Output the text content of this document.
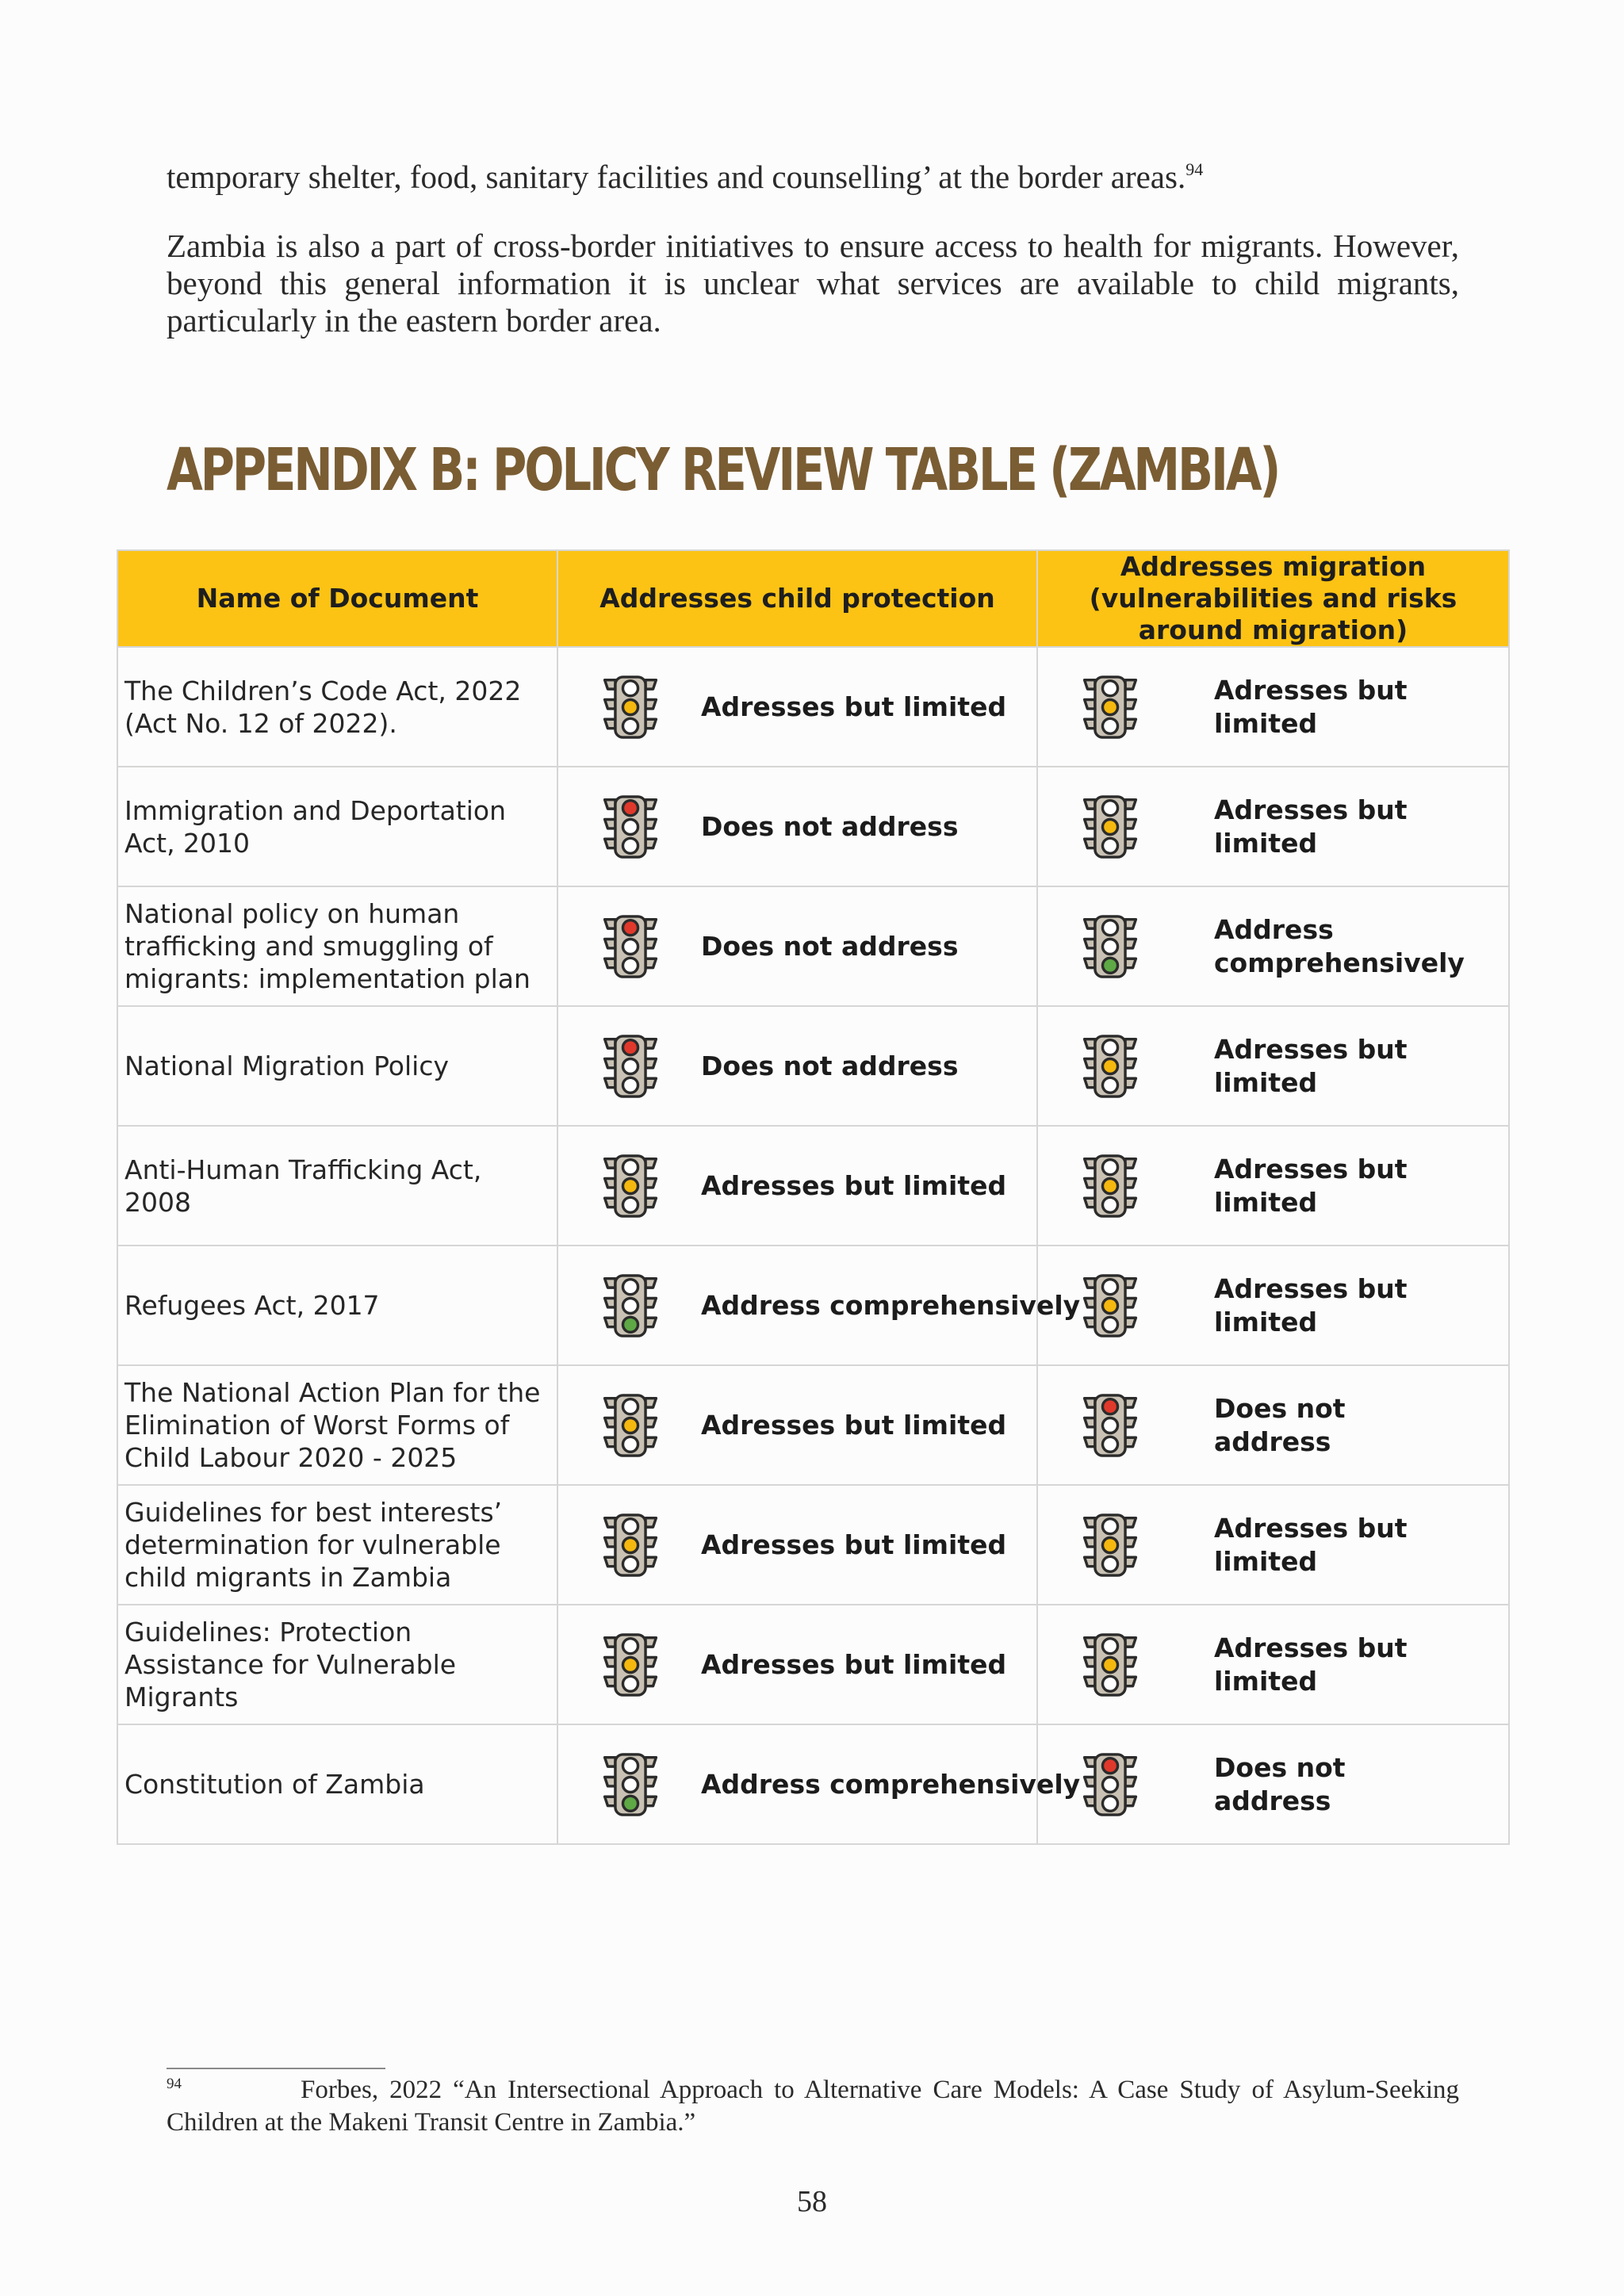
temporary shelter, food, sanitary facilities and counselling’ at the border areas.$^{94}$

Zambia is also a part of cross-border initiatives to ensure access to health for migrants. However, beyond this general information it is unclear what services are available to child migrants, particularly in the eastern border area.

APPENDIX B: POLICY REVIEW TABLE (ZAMBIA)
Name of Document	Addresses child protection	Addresses migration (vulnerabilities and risks around migration)
The Children’s Code Act, 2022 (Act No. 12 of 2022).	Adresses but limited	Adresses but limited

Immigration and Deportation Act, 2010	Does not address	Adresses but limited

National policy on human trafficking and smuggling of migrants: implementation plan	Does not address	Address comprehensively

National Migration Policy	Does not address	Adresses but limited

Anti-Human Trafficking Act, 2008	Adresses but limited	Adresses but limited

Refugees Act, 2017	Address comprehensively	Adresses but limited

The National Action Plan for the Elimination of Worst Forms of Child Labour 2020 - 2025	Adresses but limited	Does not address

Guidelines for best interests’ determination for vulnerable child migrants in Zambia	Adresses but limited	Adresses but limited

Guidelines: Protection Assistance for Vulnerable Migrants	Adresses but limited	Adresses but limited

Constitution of Zambia	Address comprehensively	Does not address

$^{94}$	Forbes, 2022 “An Intersectional Approach to Alternative Care Models: A Case Study of Asylum-Seeking Children at the Makeni Transit Centre in Zambia.”

58
